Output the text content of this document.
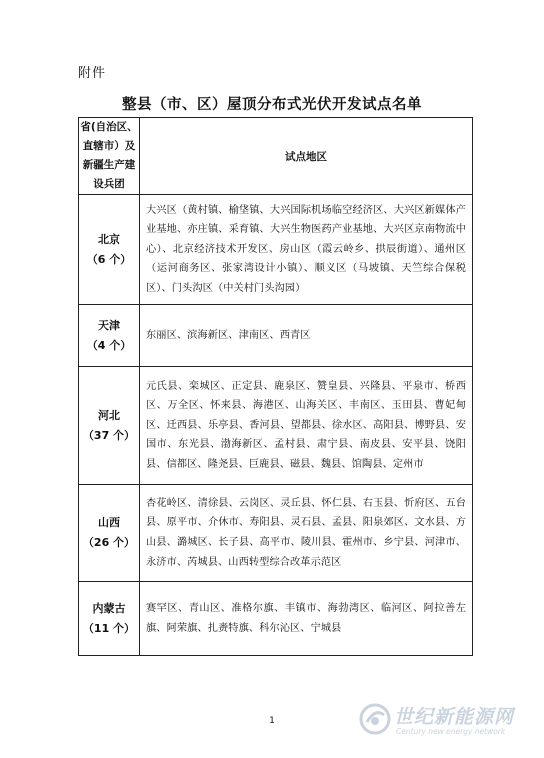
附件
整县（市、区）屋顶分布式光伏开发试点名单
省(自治区、直辖市）及新疆生产建设兵团	试点地区

北京
（6 个）	大兴区（黄村镇、榆垡镇、大兴国际机场临空经济区、大兴区新媒体产业基地、亦庄镇、采育镇、大兴生物医药产业基地、大兴区京南物流中心）、北京经济技术开发区、房山区（霞云岭乡、拱辰街道）、通州区（运河商务区、张家湾设计小镇）、顺义区（马坡镇、天竺综合保税区）、门头沟区（中关村门头沟园）

天津
（4 个）	东丽区、滨海新区、津南区、西青区

河北
（37 个）	元氏县、栾城区、正定县、鹿泉区、赞皇县、兴隆县、平泉市、桥西区、万全区、怀来县、海港区、山海关区、丰南区、玉田县、曹妃甸区、迁西县、乐亭县、香河县、望都县、徐水区、高阳县、博野县、安国市、东光县、渤海新区、孟村县、肃宁县、南皮县、安平县、饶阳县、信都区、隆尧县、巨鹿县、磁县、魏县、馆陶县、定州市

山西
（26 个）	杏花岭区、清徐县、云岗区、灵丘县、怀仁县、右玉县、忻府区、五台县、原平市、介休市、寿阳县、灵石县、孟县、阳泉郊区、文水县、方山县、潞城区、长子县、高平市、陵川县、霍州市、乡宁县、河津市、永济市、芮城县、山西转型综合改革示范区

内蒙古
（11 个）	赛罕区、青山区、准格尔旗、丰镇市、海勃湾区、临河区、阿拉善左旗、阿荣旗、扎赉特旗、科尔沁区、宁城县
1	世纪新能源网
Century new energy network
